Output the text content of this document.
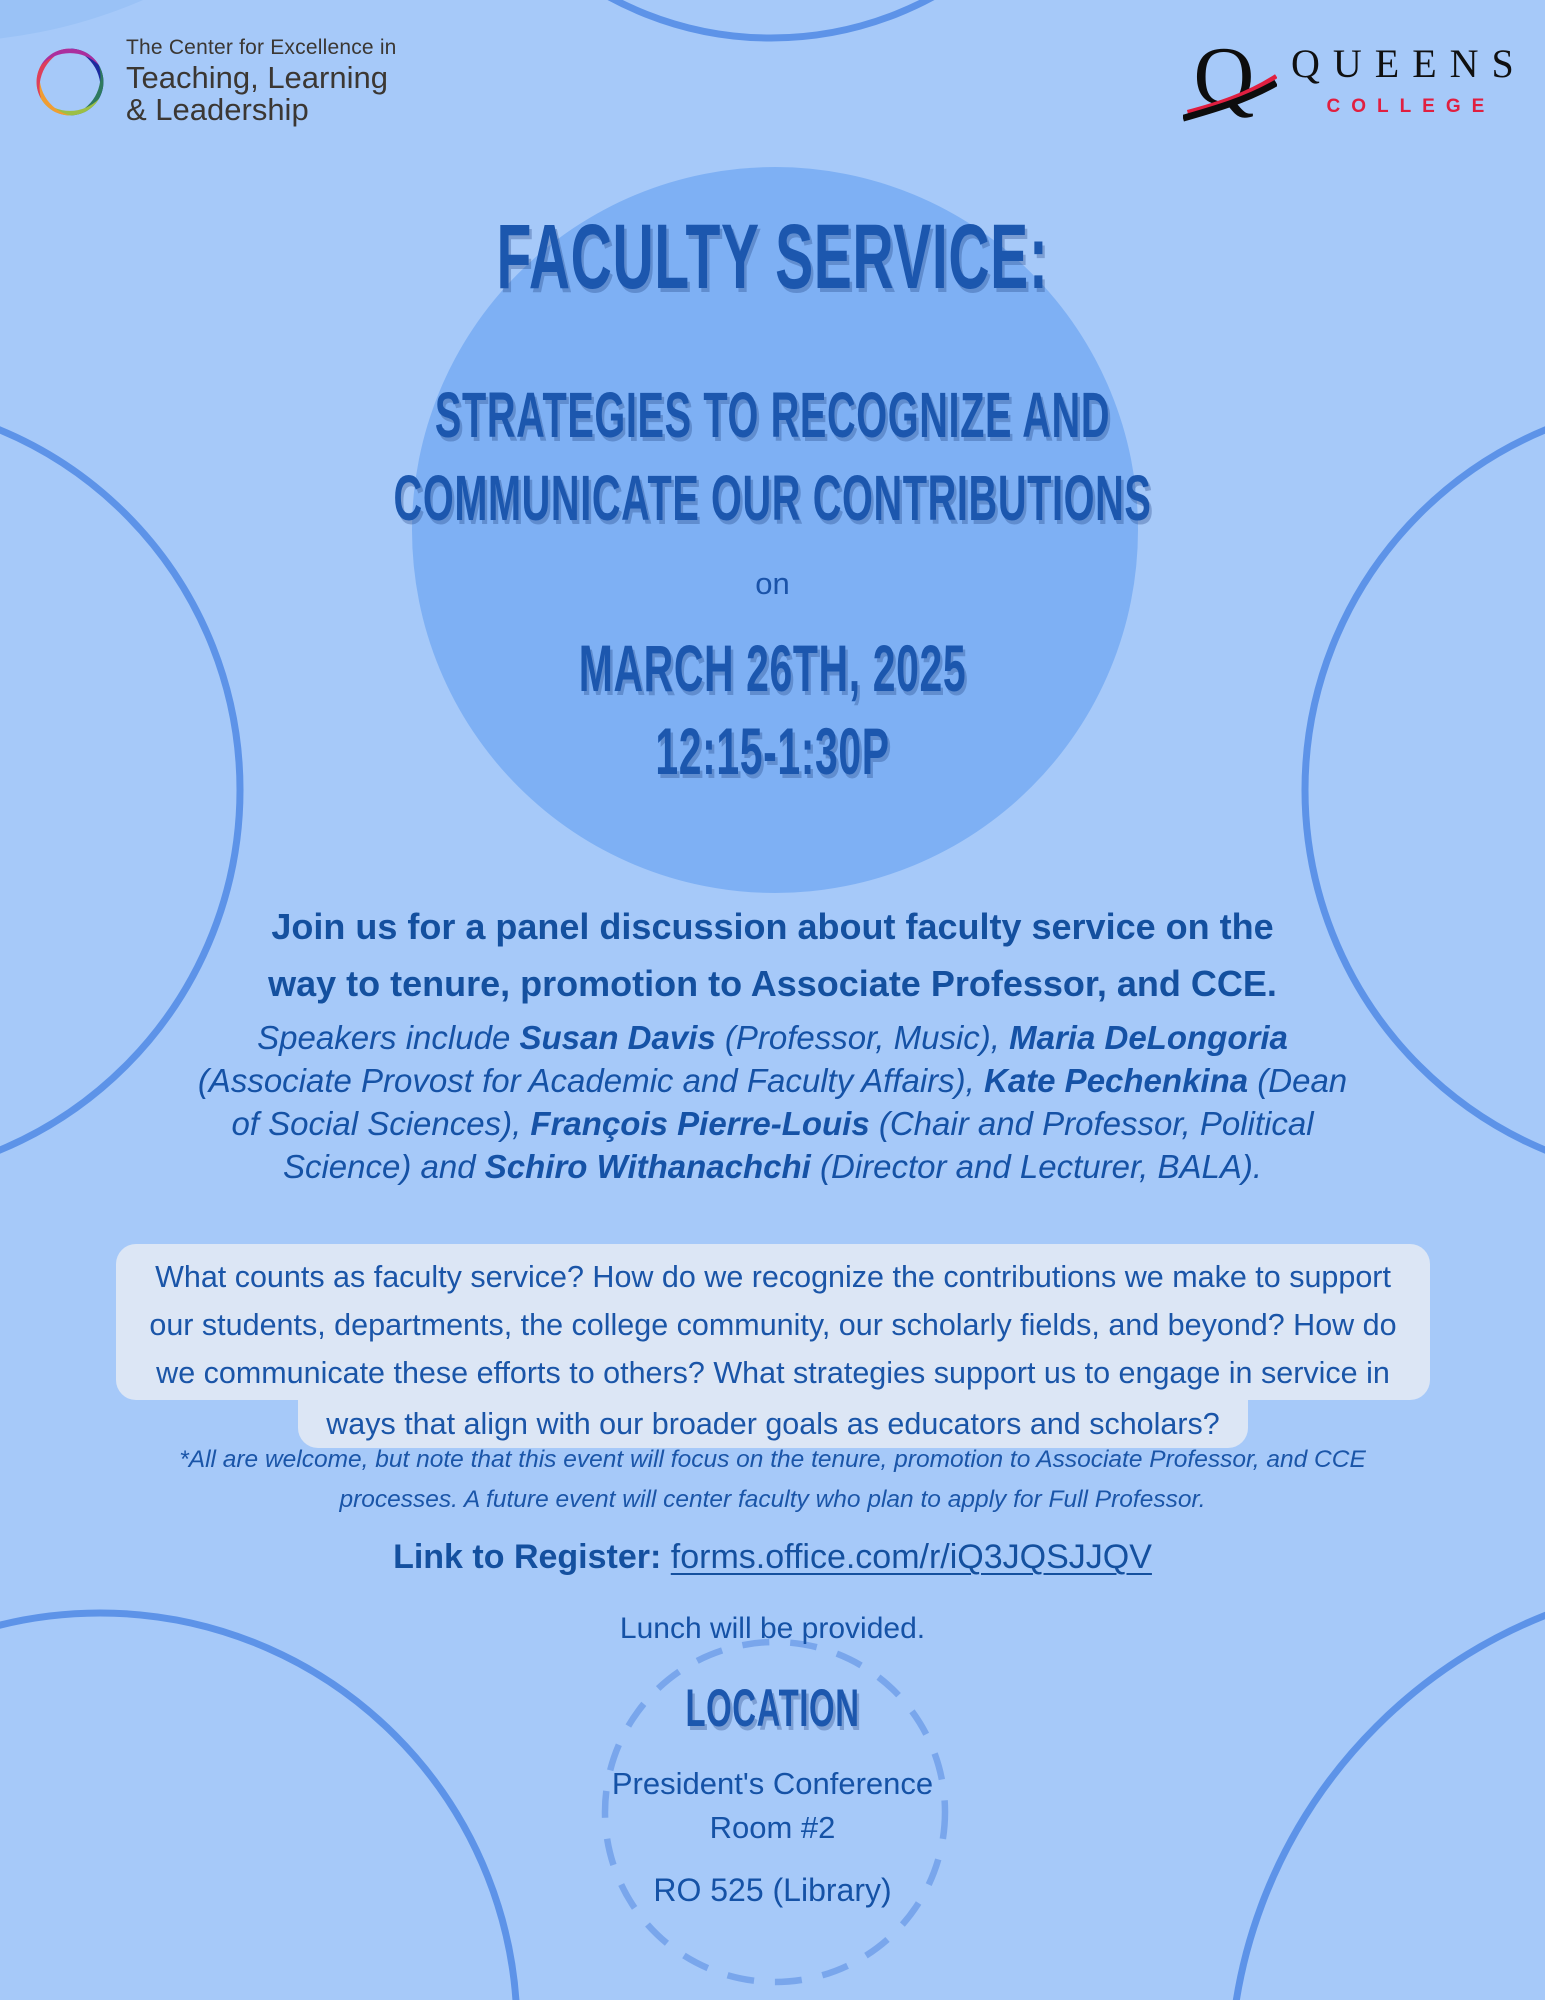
The Center for Excellence in
Teaching, Learning
& Leadership	Q QUEENS
COLLEGE
FACULTY SERVICE:
STRATEGIES TO RECOGNIZE AND
COMMUNICATE OUR CONTRIBUTIONS
on
MARCH 26TH, 2025
12:15-1:30P
Join us for a panel discussion about faculty service on the
way to tenure, promotion to Associate Professor, and CCE.
Speakers include Susan Davis (Professor, Music), Maria DeLongoria
(Associate Provost for Academic and Faculty Affairs), Kate Pechenkina (Dean
of Social Sciences), François Pierre-Louis (Chair and Professor, Political
Science) and Schiro Withanachchi (Director and Lecturer, BALA).
What counts as faculty service? How do we recognize the contributions we make to support
our students, departments, the college community, our scholarly fields, and beyond? How do
we communicate these efforts to others? What strategies support us to engage in service in
ways that align with our broader goals as educators and scholars?
*All are welcome, but note that this event will focus on the tenure, promotion to Associate Professor, and CCE
processes. A future event will center faculty who plan to apply for Full Professor.
Link to Register: forms.office.com/r/iQ3JQSJJQV
Lunch will be provided.
LOCATION
President's Conference
Room #2
RO 525 (Library)
